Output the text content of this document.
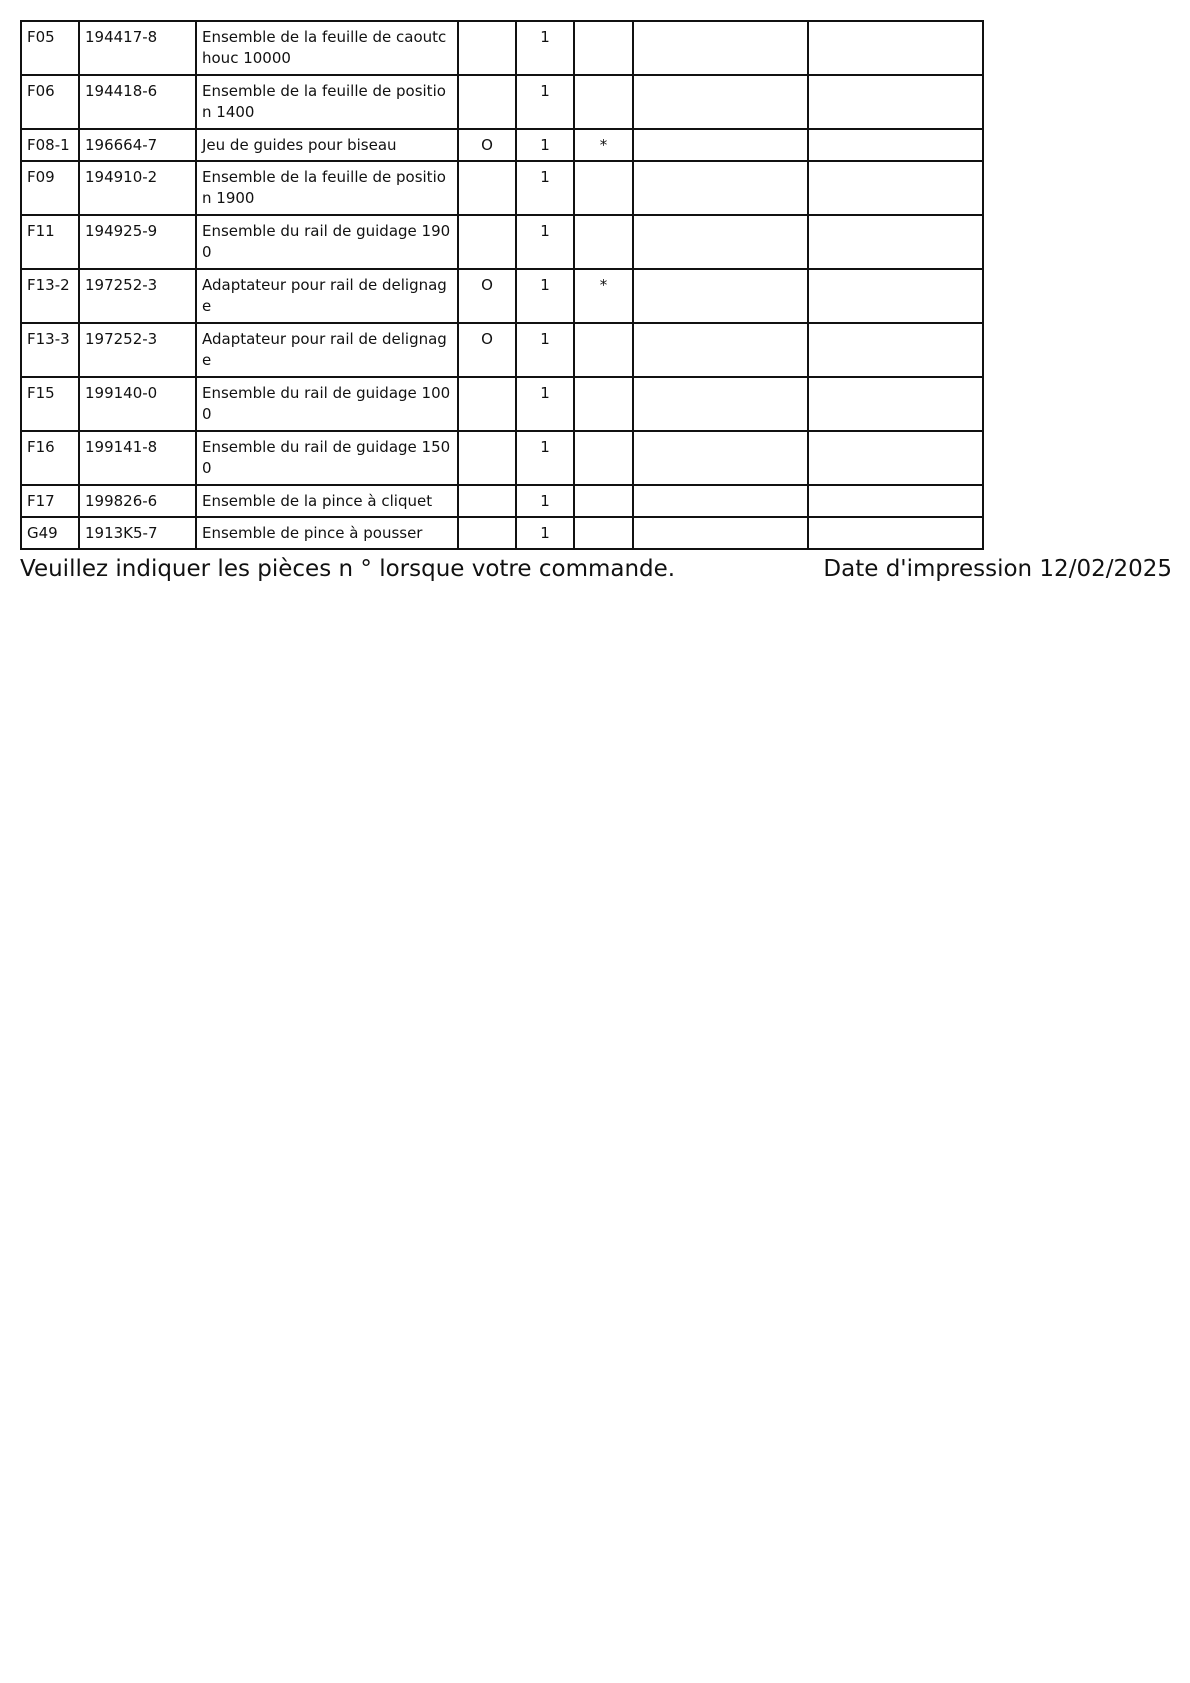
F05	194417-8	Ensemble de la feuille de caoutchouc 10000		1			
F06	194418-6	Ensemble de la feuille de position 1400		1			
F08-1	196664-7	Jeu de guides pour biseau	O	1	*		
F09	194910-2	Ensemble de la feuille de position 1900		1			
F11	194925-9	Ensemble du rail de guidage 1900		1			
F13-2	197252-3	Adaptateur pour rail de delignage	O	1	*		
F13-3	197252-3	Adaptateur pour rail de delignage	O	1			
F15	199140-0	Ensemble du rail de guidage 1000		1			
F16	199141-8	Ensemble du rail de guidage 1500		1			
F17	199826-6	Ensemble de la pince à cliquet		1			
G49	1913K5-7	Ensemble de pince à pousser		1			
Veuillez indiquer les pièces n ° lorsque votre commande.	Date d'impression 12/02/2025
